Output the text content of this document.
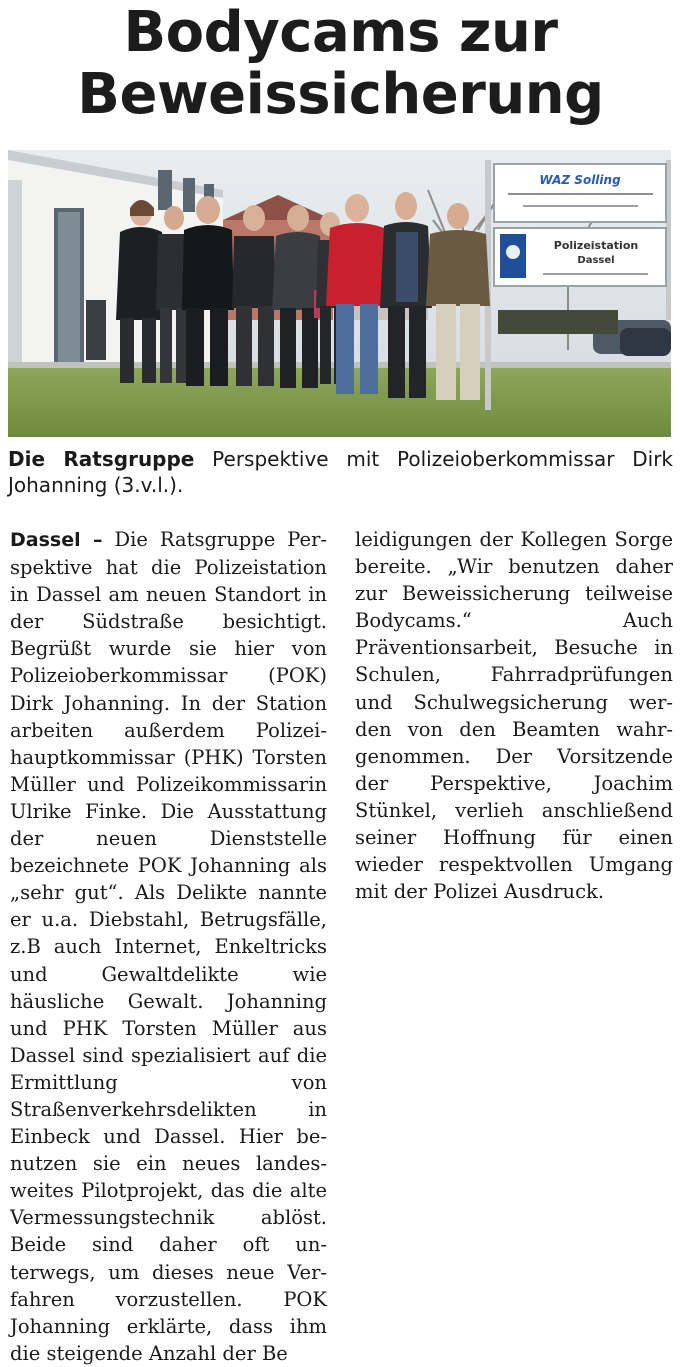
Bodycams zur
Beweissicherung
WAZ Solling
Polizeistation
Dassel
Die Ratsgruppe Perspektive mit Polizeioberkommissar Dirk Johanning (3.v.l.).

Dassel – Die Ratsgruppe Perspektive hat die Polizeistation in Dassel am neuen Standort in der Südstraße besichtigt. Begrüßt wurde sie hier von Polizeioberkommissar (POK) Dirk Johanning. In der Station arbeiten außerdem Polizeihauptkommissar (PHK) Torsten Müller und Polizeikommissarin Ulrike Finke. Die Ausstattung der neuen Dienststelle bezeichnete POK Johanning als „sehr gut“. Als Delikte nannte er u.a. Diebstahl, Betrugsfälle, z.B auch Internet, Enkeltricks und Gewaltdelikte wie häusliche Gewalt. Johanning und PHK Torsten Müller aus Dassel sind spezialisiert auf die Ermittlung von Straßenverkehrsdelikten in Einbeck und Dassel. Hier benutzen sie ein neues landesweites Pilotprojekt, das die alte Vermessungstechnik ablöst. Beide sind daher oft unterwegs, um dieses neue Verfahren vorzustellen. POK Johanning erklärte, dass ihm die steigende Anzahl der Be

leidigungen der Kollegen Sorge bereite. „Wir benutzen daher zur Beweissicherung teilweise Bodycams.“ Auch Präventionsarbeit, Besuche in Schulen, Fahrradprüfungen und Schulwegsicherung werden von den Beamten wahrgenommen. Der Vorsitzende der Perspektive, Joachim Stünkel, verlieh anschließend seiner Hoffnung für einen wieder respektvollen Umgang mit der Polizei Ausdruck.
